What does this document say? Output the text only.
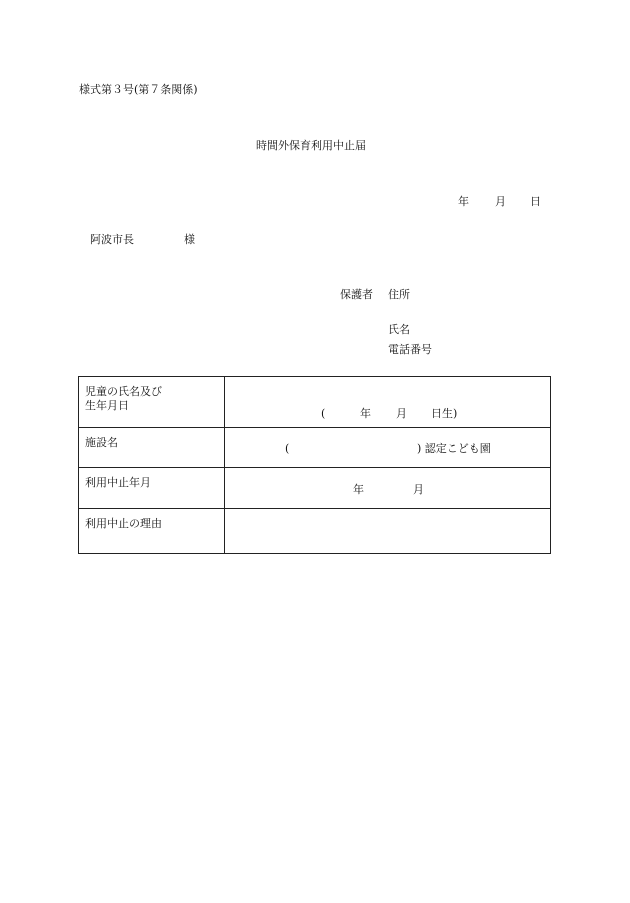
様式第３号(第７条関係)
時間外保育利用中止届
年 月 日
阿波市長	様
保護者 住所
氏名
電話番号
児童の氏名及び
生年月日	( 年 月 日生)

施設名	( ) 認定こども園

利用中止年月	年 月

利用中止の理由	
